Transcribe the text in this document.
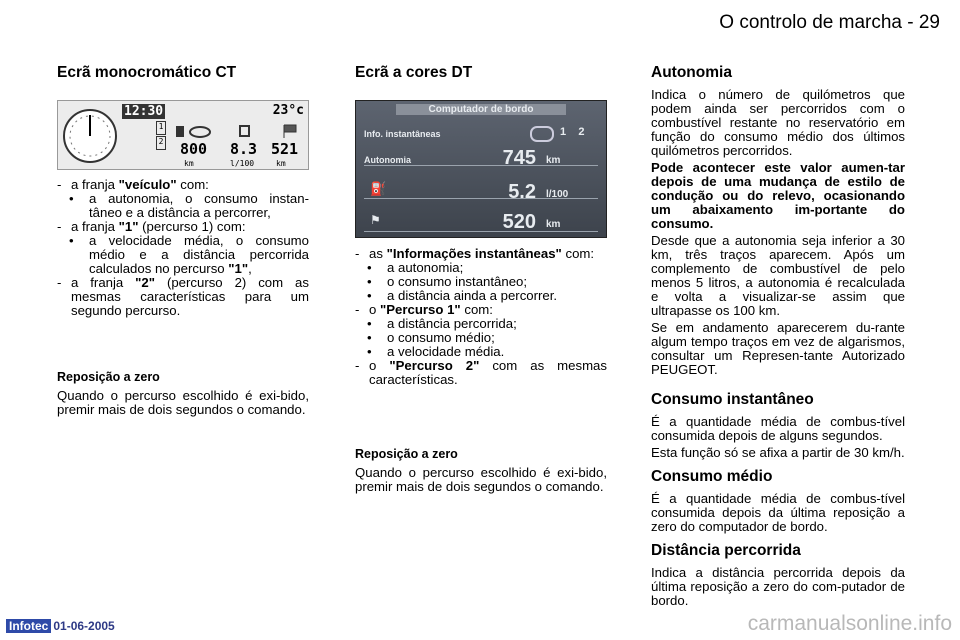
O controlo de marcha - 29

Ecrã monocromático CT

12:30	23°c
1
2 800 8.3 521
km	l/100	km
- a franja "veículo" com:
•	a autonomia, o consumo instan-tâneo e a distância a percorrer,
- a franja "1" (percurso 1) com:
•	a velocidade média, o consumo médio e a distância percorrida calculados no percurso "1",
- a franja "2" (percurso 2) com as mesmas características para um segundo percurso.

Reposição a zero

Quando o percurso escolhido é exi-bido, premir mais de dois segundos o comando.

Ecrã a cores DT

Computador de bordo
Info. instantâneas	1    2
Autonomia	745 km
⛽	5.2 l/100
⚑	520 km
- as "Informações instantâneas" com:
•	a autonomia;
•	o consumo instantâneo;
•	a distância ainda a percorrer.
- o "Percurso 1" com:
•	a distância percorrida;
•	o consumo médio;
•	a velocidade média.
- o "Percurso 2" com as mesmas características.

Reposição a zero

Quando o percurso escolhido é exi-bido, premir mais de dois segundos o comando.

Autonomia

Indica o número de quilómetros que podem ainda ser percorridos com o combustível restante no reservatório em função do consumo médio dos últimos quilómetros percorridos.
Pode acontecer este valor aumen-tar depois de uma mudança de estilo de condução ou do relevo, ocasionando um abaixamento im-portante do consumo.
Desde que a autonomia seja inferior a 30 km, três traços aparecem. Após um complemento de combustível de pelo menos 5 litros, a autonomia é recalculada e volta a visualizar-se assim que ultrapasse os 100 km.
Se em andamento aparecerem du-rante algum tempo traços em vez de algarismos, consultar um Represen-tante Autorizado PEUGEOT.

Consumo instantâneo

É a quantidade média de combus-tível consumida depois de alguns segundos.
Esta função só se afixa a partir de 30 km/h.

Consumo médio

É a quantidade média de combus-tível consumida depois da última reposição a zero do computador de bordo.

Distância percorrida

Indica a distância percorrida depois da última reposição a zero do com-putador de bordo.
Infotec 01-06-2005	carmanualsonline.info
